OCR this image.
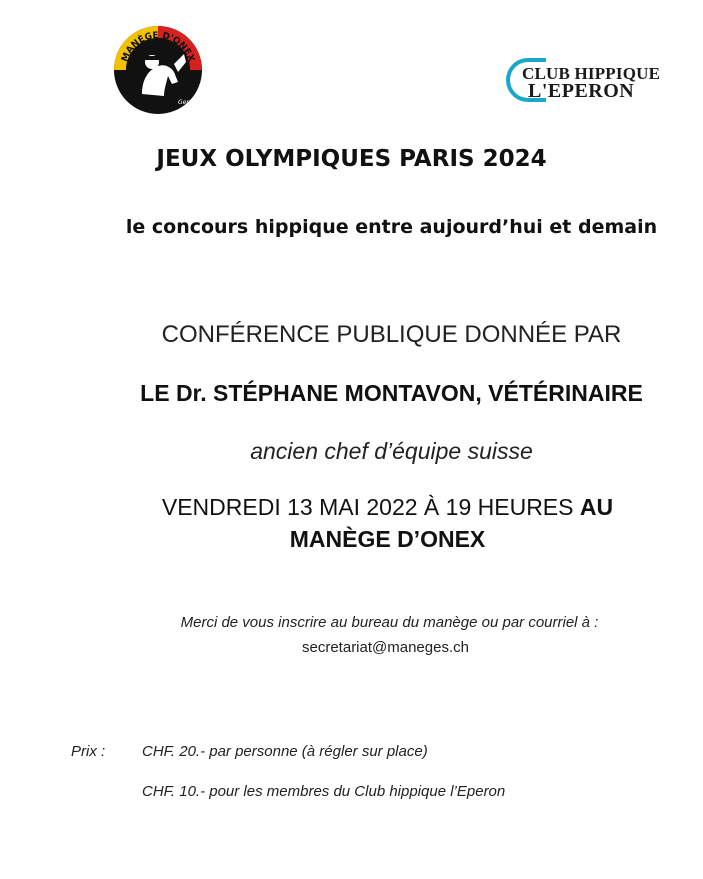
MANÈGE D'ONEX
Genève
CLUB HIPPIQUE
L'EPERON
JEUX OLYMPIQUES PARIS 2024
le concours hippique entre aujourd’hui et demain
CONFÉRENCE PUBLIQUE DONNÉE PAR
LE Dr. STÉPHANE MONTAVON, VÉTÉRINAIRE
ancien chef d’équipe suisse
VENDREDI 13 MAI 2022 À 19 HEURES AU
MANÈGE D’ONEX
Merci de vous inscrire au bureau du manège ou par courriel à :
secretariat@maneges.ch
Prix : CHF. 20.- par personne (à régler sur place)
CHF. 10.- pour les membres du Club hippique l’Eperon
